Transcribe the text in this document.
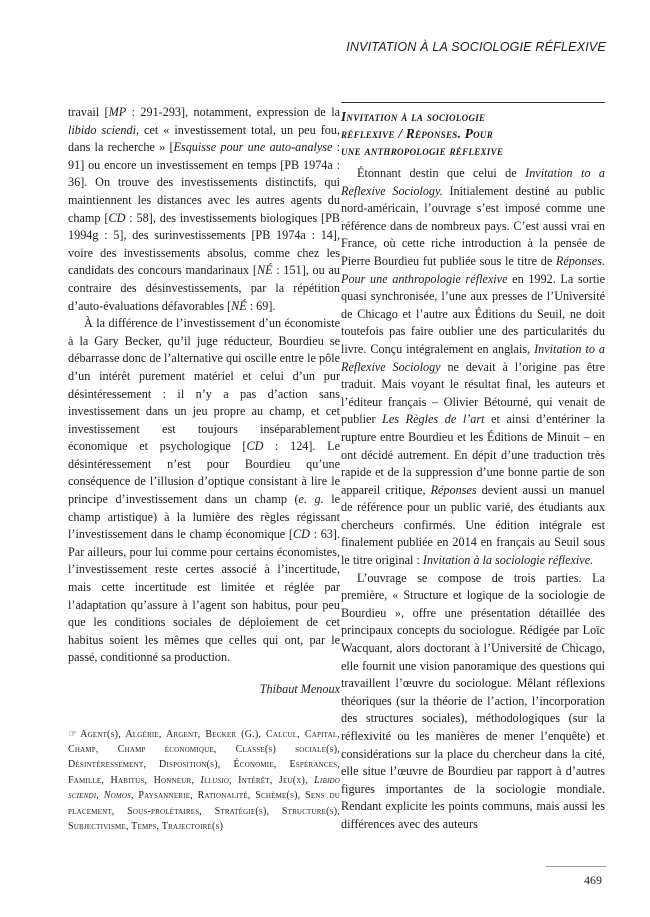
INVITATION À LA SOCIOLOGIE RÉFLEXIVE

travail [MP : 291-293], notamment, expression de la libido sciendi, cet « investissement total, un peu fou, dans la recherche » [Esquisse pour une auto-analyse : 91] ou encore un investissement en temps [PB 1974a : 36]. On trouve des investissements distinctifs, qui maintiennent les distances avec les autres agents du champ [CD : 58], des investissements biologiques [PB 1994g : 5], des surinvestissements [PB 1974a : 14], voire des investissements absolus, comme chez les candidats des concours mandarinaux [NÉ : 151], ou au contraire des désinvestissements, par la répétition d’auto-évaluations défavorables [NÉ : 69].

À la différence de l’investissement d’un économiste à la Gary Becker, qu’il juge réducteur, Bourdieu se débarrasse donc de l’alternative qui oscille entre le pôle d’un intérêt purement matériel et celui d’un pur désintéressement : il n’y a pas d’action sans investissement dans un jeu propre au champ, et cet investissement est toujours inséparablement économique et psychologique [CD : 124]. Le désintéressement n’est pour Bourdieu qu’une conséquence de l’illusion d’optique consistant à lire le principe d’investissement dans un champ (e. g. le champ artistique) à la lumière des règles régissant l’investissement dans le champ économique [CD : 63]. Par ailleurs, pour lui comme pour certains économistes, l’investissement reste certes associé à l’incertitude, mais cette incertitude est limitée et réglée par l’adaptation qu’assure à l’agent son habitus, pour peu que les conditions sociales de déploiement de cet habitus soient les mêmes que celles qui ont, par le passé, conditionné sa production.

Thibaut Menoux
☞ Agent(s), Algérie, Argent, Becker (G.), Calcul, Capital, Champ, Champ économique, Classe(s) sociale(s), Désintéressement, Disposition(s), Économie, Espérances, Famille, Habitus, Honneur, Illusio, Intérêt, Jeu(x), Libido sciendi, Nomos, Paysannerie, Rationalité, Schème(s), Sens du placement, Sous-prolétaires, Stratégie(s), Structure(s), Subjectivisme, Temps, Trajectoire(s)
Invitation à la sociologie
réflexive / Réponses. Pour
une anthropologie réflexive

Étonnant destin que celui de Invitation to a Reflexive Sociology. Initialement destiné au public nord-américain, l’ouvrage s’est imposé comme une référence dans de nombreux pays. C’est aussi vrai en France, où cette riche introduction à la pensée de Pierre Bourdieu fut publiée sous le titre de Réponses. Pour une anthropologie réflexive en 1992. La sortie quasi synchronisée, l’une aux presses de l’Université de Chicago et l’autre aux Éditions du Seuil, ne doit toutefois pas faire oublier une des particularités du livre. Conçu intégralement en anglais, Invitation to a Reflexive Sociology ne devait à l’origine pas être traduit. Mais voyant le résultat final, les auteurs et l’éditeur français – Olivier Bétourné, qui venait de publier Les Règles de l’art et ainsi d’entériner la rupture entre Bourdieu et les Éditions de Minuit – en ont décidé autrement. En dépit d’une traduction très rapide et de la suppression d’une bonne partie de son appareil critique, Réponses devient aussi un manuel de référence pour un public varié, des étudiants aux chercheurs confirmés. Une édition intégrale est finalement publiée en 2014 en français au Seuil sous le titre original : Invitation à la sociologie réflexive.

L’ouvrage se compose de trois parties. La première, « Structure et logique de la sociologie de Bourdieu », offre une présentation détaillée des principaux concepts du sociologue. Rédigée par Loïc Wacquant, alors doctorant à l’Université de Chicago, elle fournit une vision panoramique des questions qui travaillent l’œuvre du sociologue. Mêlant réflexions théoriques (sur la théorie de l’action, l’incorporation des structures sociales), méthodologiques (sur la réflexivité ou les manières de mener l’enquête) et considérations sur la place du chercheur dans la cité, elle situe l’œuvre de Bourdieu par rapport à d’autres figures importantes de la sociologie mondiale. Rendant explicite les points communs, mais aussi les différences avec des auteurs

469
